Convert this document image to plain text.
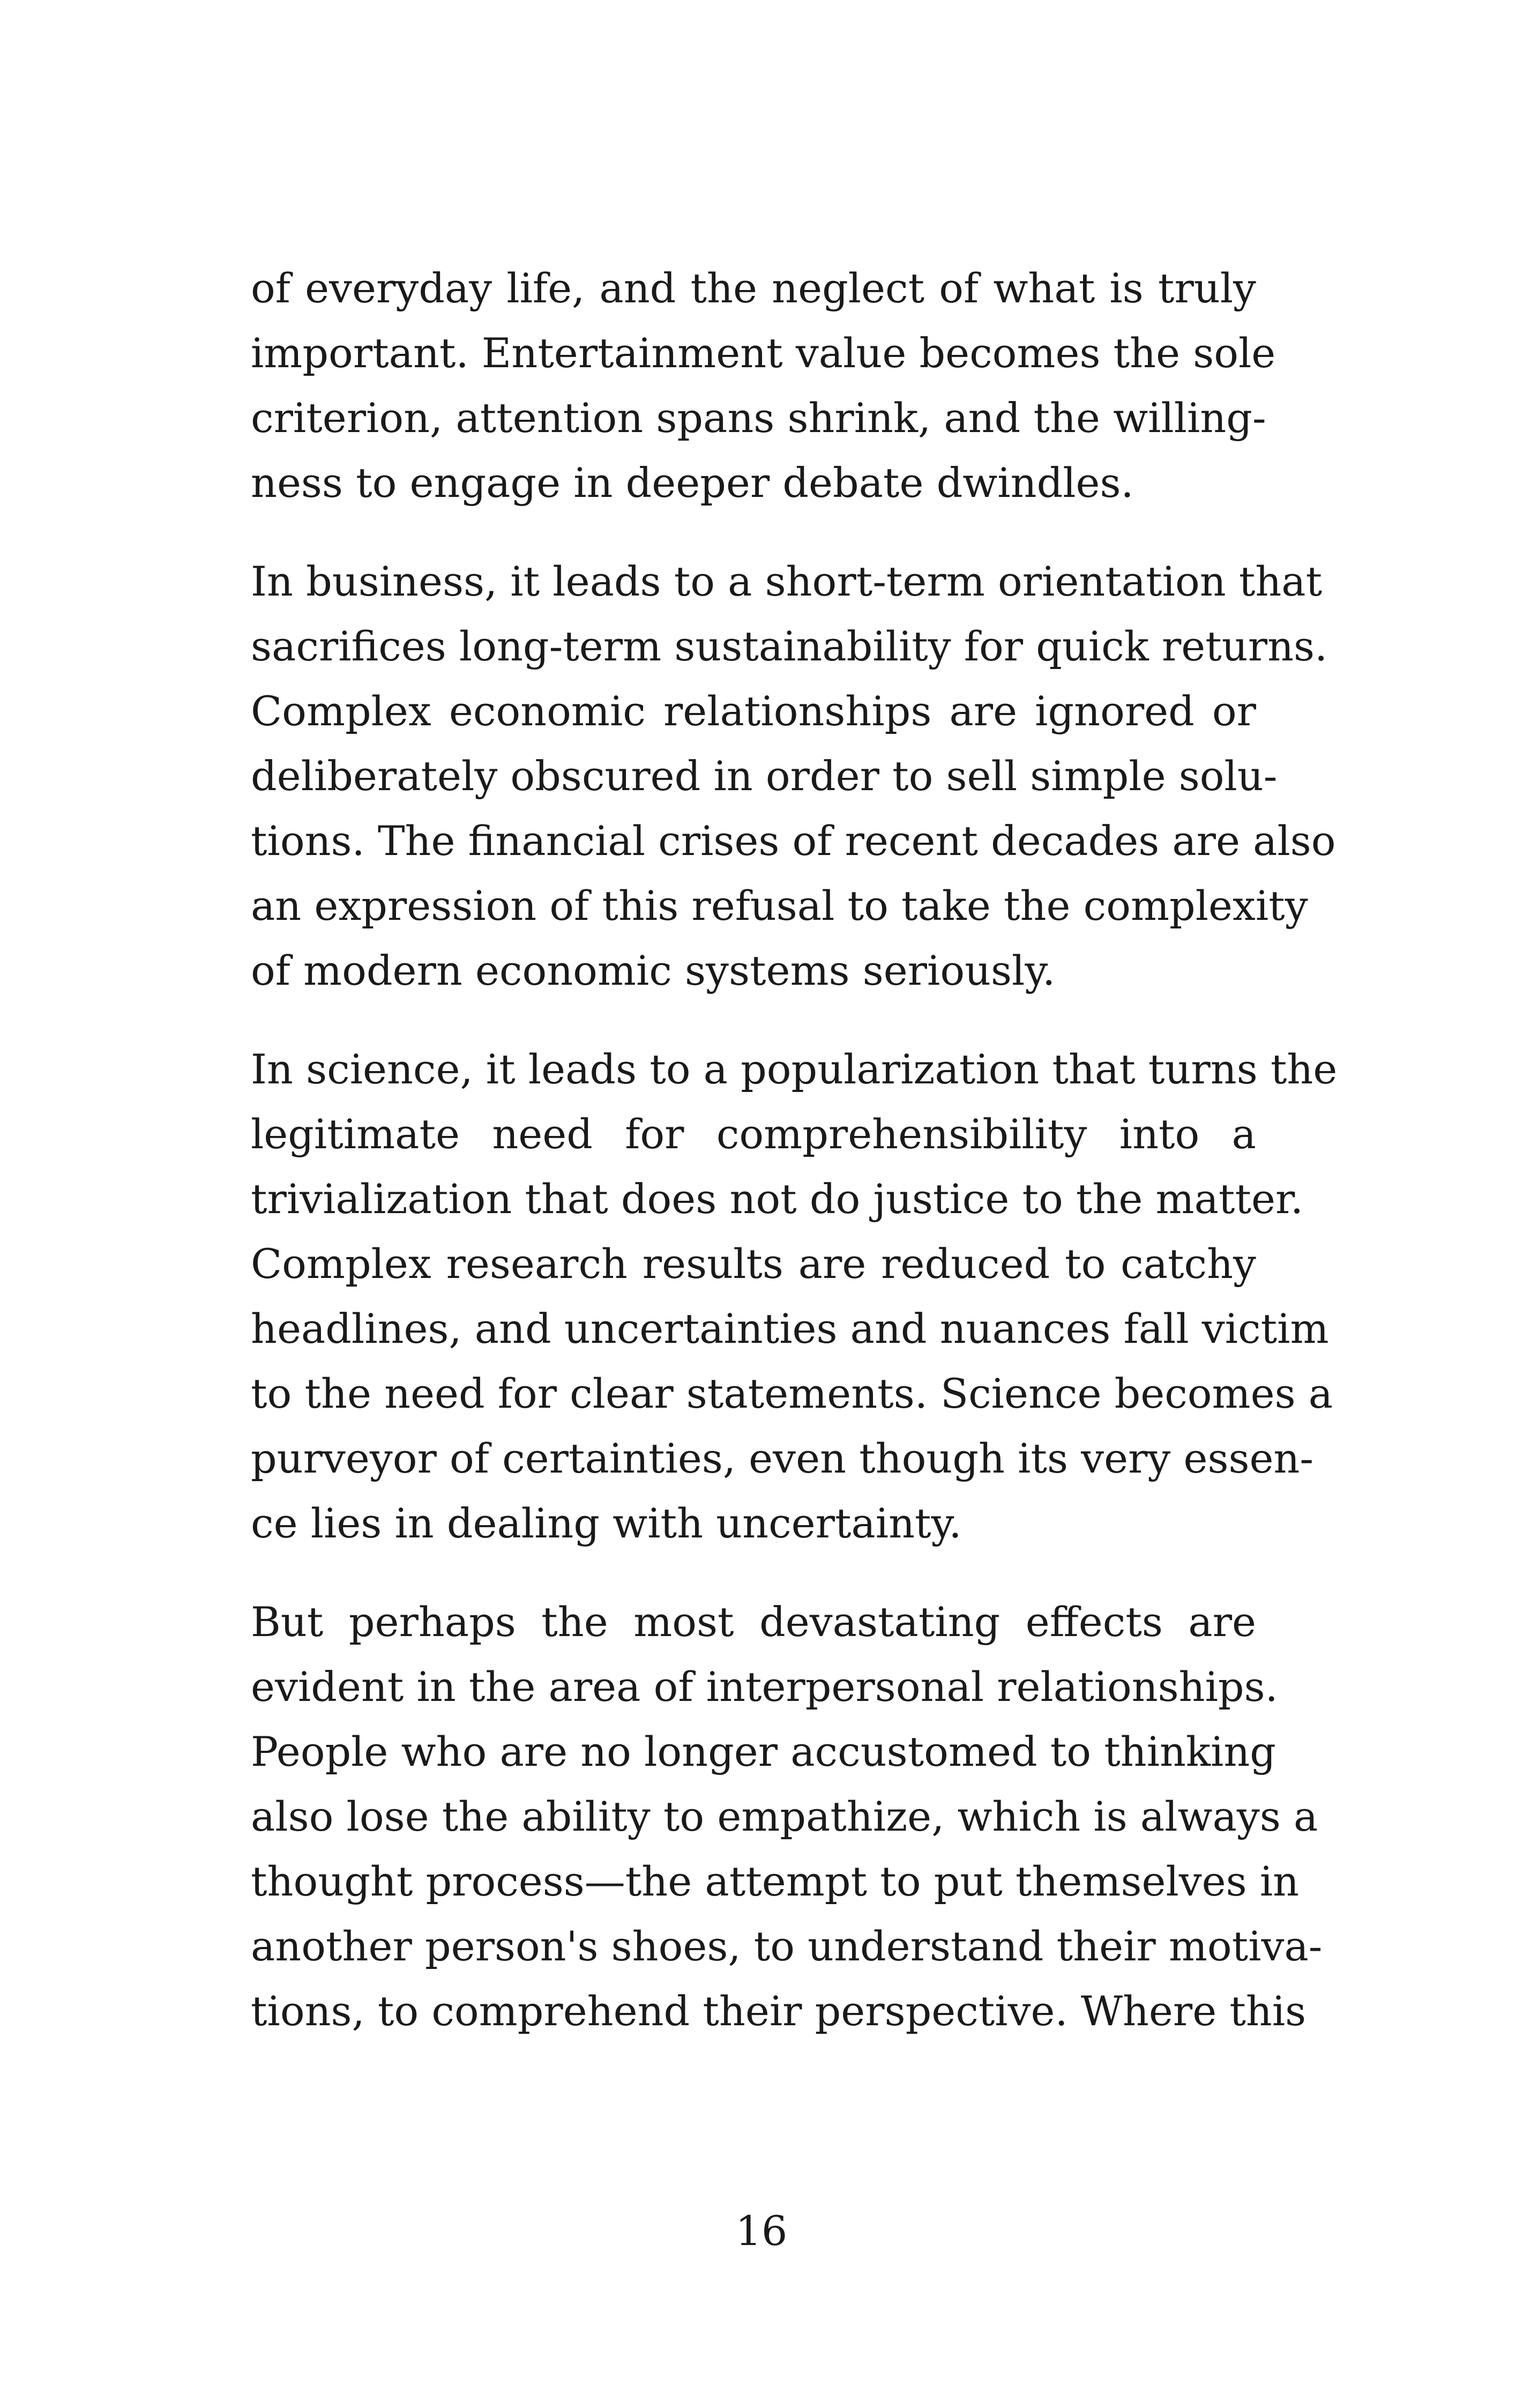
of everyday life, and the neglect of what is truly
important. Entertainment value becomes the sole
criterion, attention spans shrink, and the willing-
ness to engage in deeper debate dwindles.

In business, it leads to a short-term orientation that
sacrifices long-term sustainability for quick returns.
Complex economic relationships are ignored or
deliberately obscured in order to sell simple solu-
tions. The financial crises of recent decades are also
an expression of this refusal to take the complexity
of modern economic systems seriously.

In science, it leads to a popularization that turns the
legitimate need for comprehensibility into a
trivialization that does not do justice to the matter.
Complex research results are reduced to catchy
headlines, and uncertainties and nuances fall victim
to the need for clear statements. Science becomes a
purveyor of certainties, even though its very essen-
ce lies in dealing with uncertainty.

But perhaps the most devastating effects are
evident in the area of interpersonal relationships.
People who are no longer accustomed to thinking
also lose the ability to empathize, which is always a
thought process—the attempt to put themselves in
another person's shoes, to understand their motiva-
tions, to comprehend their perspective. Where this

16
